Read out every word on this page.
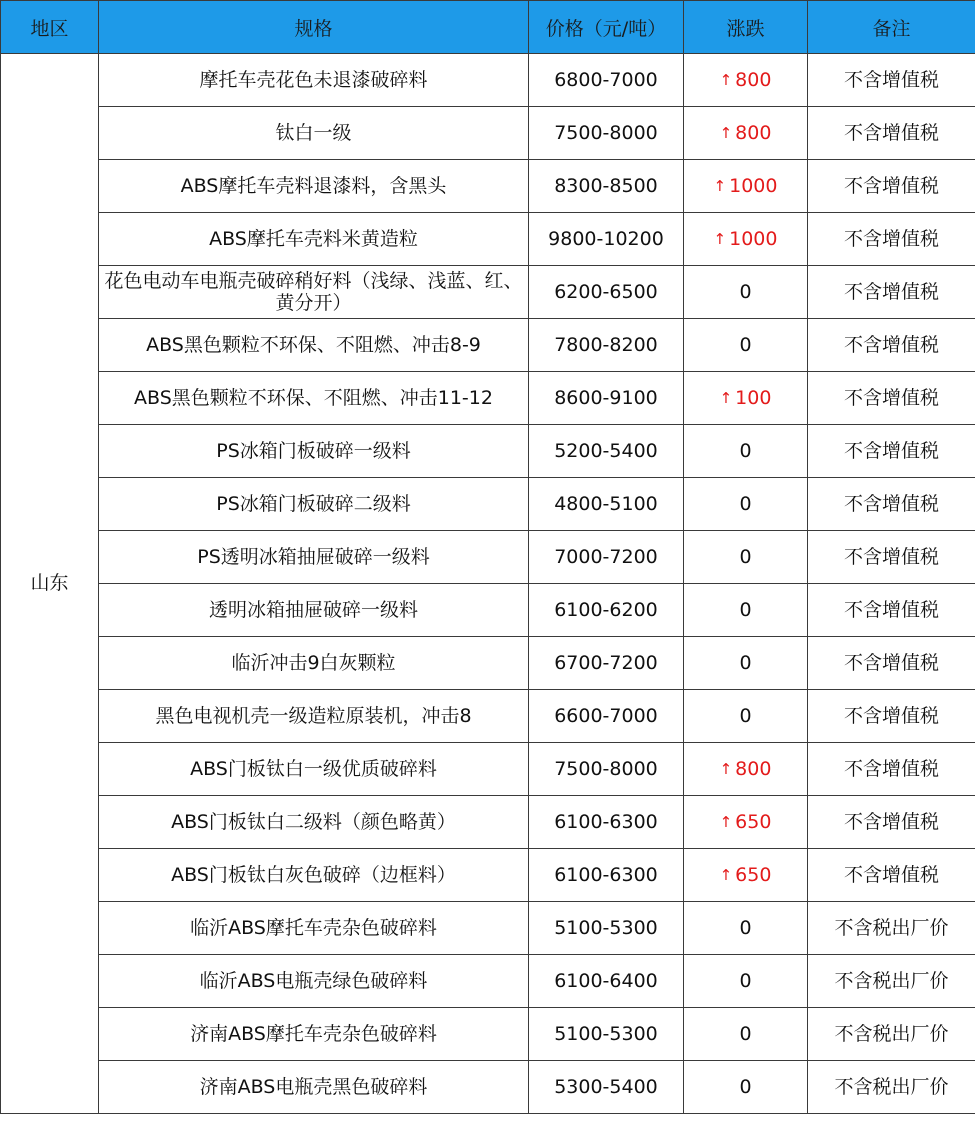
地区	规格	价格（元/吨）	涨跌	备注
山东	摩托车壳花色未退漆破碎料	6800-7000	↑ 800	不含增值税
	钛白一级	7500-8000	↑ 800	不含增值税
	ABS摩托车壳料退漆料，含黑头	8300-8500	↑ 1000	不含增值税
	ABS摩托车壳料米黄造粒	9800-10200	↑ 1000	不含增值税
	花色电动车电瓶壳破碎稍好料（浅绿、浅蓝、红、黄分开）	6200-6500	0	不含增值税
	ABS黑色颗粒不环保、不阻燃、冲击8-9	7800-8200	0	不含增值税
	ABS黑色颗粒不环保、不阻燃、冲击11-12	8600-9100	↑ 100	不含增值税
	PS冰箱门板破碎一级料	5200-5400	0	不含增值税
	PS冰箱门板破碎二级料	4800-5100	0	不含增值税
	PS透明冰箱抽屉破碎一级料	7000-7200	0	不含增值税
	透明冰箱抽屉破碎一级料	6100-6200	0	不含增值税
	临沂冲击9白灰颗粒	6700-7200	0	不含增值税
	黑色电视机壳一级造粒原装机，冲击8	6600-7000	0	不含增值税
	ABS门板钛白一级优质破碎料	7500-8000	↑ 800	不含增值税
	ABS门板钛白二级料（颜色略黄）	6100-6300	↑ 650	不含增值税
	ABS门板钛白灰色破碎（边框料）	6100-6300	↑ 650	不含增值税
	临沂ABS摩托车壳杂色破碎料	5100-5300	0	不含税出厂价
	临沂ABS电瓶壳绿色破碎料	6100-6400	0	不含税出厂价
	济南ABS摩托车壳杂色破碎料	5100-5300	0	不含税出厂价
	济南ABS电瓶壳黑色破碎料	5300-5400	0	不含税出厂价
